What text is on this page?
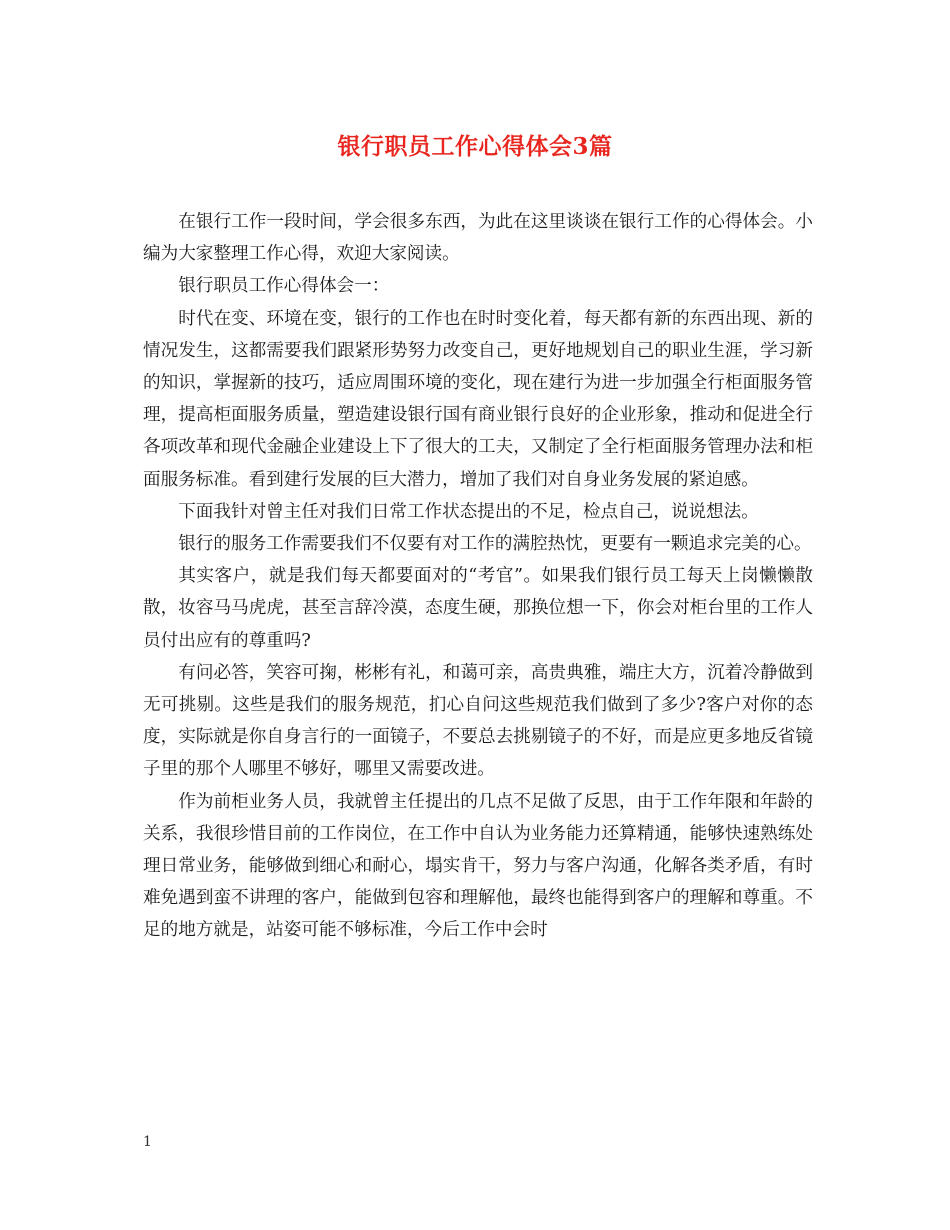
银行职员工作心得体会3篇

在银行工作一段时间，学会很多东西，为此在这里谈谈在银行工作的心得体会。小编为大家整理工作心得，欢迎大家阅读。

银行职员工作心得体会一：

时代在变、环境在变，银行的工作也在时时变化着，每天都有新的东西出现、新的情况发生，这都需要我们跟紧形势努力改变自己，更好地规划自己的职业生涯，学习新的知识，掌握新的技巧，适应周围环境的变化，现在建行为进一步加强全行柜面服务管理，提高柜面服务质量，塑造建设银行国有商业银行良好的企业形象，推动和促进全行各项改革和现代金融企业建设上下了很大的工夫，又制定了全行柜面服务管理办法和柜面服务标准。看到建行发展的巨大潜力，增加了我们对自身业务发展的紧迫感。

下面我针对曾主任对我们日常工作状态提出的不足，检点自己，说说想法。

银行的服务工作需要我们不仅要有对工作的满腔热忱，更要有一颗追求完美的心。

其实客户，就是我们每天都要面对的“考官”。如果我们银行员工每天上岗懒懒散散，妆容马马虎虎，甚至言辞冷漠，态度生硬，那换位想一下，你会对柜台里的工作人员付出应有的尊重吗?

有问必答，笑容可掬，彬彬有礼，和蔼可亲，高贵典雅，端庄大方，沉着冷静做到无可挑剔。这些是我们的服务规范，扪心自问这些规范我们做到了多少?客户对你的态度，实际就是你自身言行的一面镜子，不要总去挑剔镜子的不好，而是应更多地反省镜子里的那个人哪里不够好，哪里又需要改进。

作为前柜业务人员，我就曾主任提出的几点不足做了反思，由于工作年限和年龄的关系，我很珍惜目前的工作岗位，在工作中自认为业务能力还算精通，能够快速熟练处理日常业务，能够做到细心和耐心，塌实肯干，努力与客户沟通，化解各类矛盾，有时难免遇到蛮不讲理的客户，能做到包容和理解他，最终也能得到客户的理解和尊重。不足的地方就是，站姿可能不够标准，今后工作中会时

1
